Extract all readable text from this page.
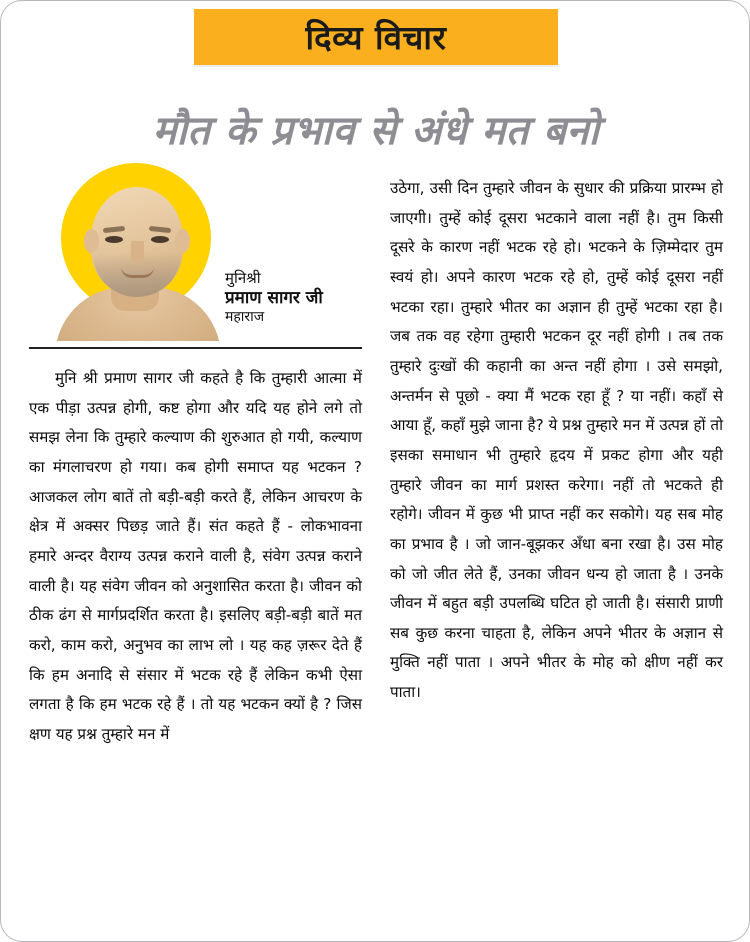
दिव्य विचार
मौत के प्रभाव से अंधे मत बनो
मुनिश्री
प्रमाण सागर जी
महाराज

मुनि श्री प्रमाण सागर जी कहते है कि तुम्हारी आत्मा में एक पीड़ा उत्पन्न होगी, कष्ट होगा और यदि यह होने लगे तो समझ लेना कि तुम्हारे कल्याण की शुरुआत हो गयी, कल्याण का मंगलाचरण हो गया। कब होगी समाप्त यह भटकन ? आजकल लोग बातें तो बड़ी-बड़ी करते हैं, लेकिन आचरण के क्षेत्र में अक्सर पिछड़ जाते हैं। संत कहते हैं - लोकभावना हमारे अन्दर वैराग्य उत्पन्न कराने वाली है, संवेग उत्पन्न कराने वाली है। यह संवेग जीवन को अनुशासित करता है। जीवन को ठीक ढंग से मार्गप्रदर्शित करता है। इसलिए बड़ी-बड़ी बातें मत करो, काम करो, अनुभव का लाभ लो । यह कह ज़रूर देते हैं कि हम अनादि से संसार में भटक रहे हैं लेकिन कभी ऐसा लगता है कि हम भटक रहे हैं । तो यह भटकन क्यों है ? जिस क्षण यह प्रश्न तुम्हारे मन में

उठेगा, उसी दिन तुम्हारे जीवन के सुधार की प्रक्रिया प्रारम्भ हो जाएगी। तुम्हें कोई दूसरा भटकाने वाला नहीं है। तुम किसी दूसरे के कारण नहीं भटक रहे हो। भटकने के ज़िम्मेदार तुम स्वयं हो। अपने कारण भटक रहे हो, तुम्हें कोई दूसरा नहीं भटका रहा। तुम्हारे भीतर का अज्ञान ही तुम्हें भटका रहा है। जब तक वह रहेगा तुम्हारी भटकन दूर नहीं होगी । तब तक तुम्हारे दुःखों की कहानी का अन्त नहीं होगा । उसे समझो, अन्तर्मन से पूछो - क्या मैं भटक रहा हूँ ? या नहीं। कहाँ से आया हूँ, कहाँ मुझे जाना है? ये प्रश्न तुम्हारे मन में उत्पन्न हों तो इसका समाधान भी तुम्हारे हृदय में प्रकट होगा और यही तुम्हारे जीवन का मार्ग प्रशस्त करेगा। नहीं तो भटकते ही रहोगे। जीवन में कुछ भी प्राप्त नहीं कर सकोगे। यह सब मोह का प्रभाव है । जो जान-बूझकर अँधा बना रखा है। उस मोह को जो जीत लेते हैं, उनका जीवन धन्य हो जाता है । उनके जीवन में बहुत बड़ी उपलब्धि घटित हो जाती है। संसारी प्राणी सब कुछ करना चाहता है, लेकिन अपने भीतर के अज्ञान से मुक्ति नहीं पाता । अपने भीतर के मोह को क्षीण नहीं कर पाता।
